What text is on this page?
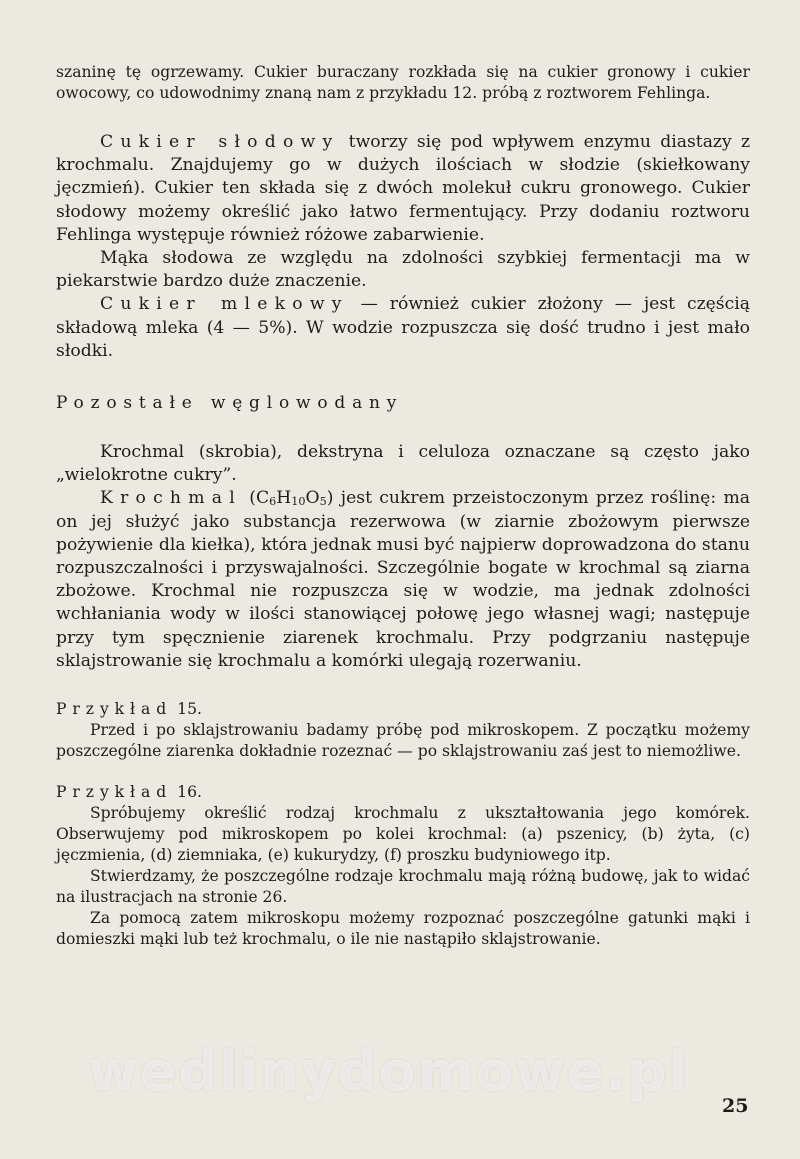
szaninę tę ogrzewamy. Cukier buraczany rozkłada się na cukier gronowy i cukier owocowy, co udowodnimy znaną nam z przykładu 12. próbą z roztworem Fehlinga.

Cukier słodowy tworzy się pod wpływem enzymu diastazy z krochmalu. Znajdujemy go w dużych ilościach w słodzie (skiełkowany jęczmień). Cukier ten składa się z dwóch molekuł cukru gronowego. Cukier słodowy możemy określić jako łatwo fermentujący. Przy dodaniu roztworu Fehlinga występuje również różowe zabarwienie.

Mąka słodowa ze względu na zdolności szybkiej fermentacji ma w piekarstwie bardzo duże znaczenie.

Cukier mlekowy — również cukier złożony — jest częścią składową mleka (4 — 5%). W wodzie rozpuszcza się dość trudno i jest mało słodki.

Pozostałe węglowodany

Krochmal (skrobia), dekstryna i celuloza oznaczane są często jako „wielokrotne cukry”.

Krochmal $(C_6H_{10}O_5)$ jest cukrem przeistoczonym przez roślinę: ma on jej służyć jako substancja rezerwowa (w ziarnie zbożowym pierwsze pożywienie dla kiełka), która jednak musi być najpierw doprowadzona do stanu rozpuszczalności i przyswajalności. Szczególnie bogate w krochmal są ziarna zbożowe. Krochmal nie rozpuszcza się w wodzie, ma jednak zdolności wchłaniania wody w ilości stanowiącej połowę jego własnej wagi; następuje przy tym spęcznienie ziarenek krochmalu. Przy podgrzaniu następuje sklajstrowanie się krochmalu a komórki ulegają rozerwaniu.

Przykład 15.

Przed i po sklajstrowaniu badamy próbę pod mikroskopem. Z początku możemy poszczególne ziarenka dokładnie rozeznać — po sklajstrowaniu zaś jest to niemożliwe.

Przykład 16.

Spróbujemy określić rodzaj krochmalu z ukształtowania jego komórek. Obserwujemy pod mikroskopem po kolei krochmal: (a) pszenicy, (b) żyta, (c) jęczmienia, (d) ziemniaka, (e) kukurydzy, (f) proszku budyniowego itp.

Stwierdzamy, że poszczególne rodzaje krochmalu mają różną budowę, jak to widać na ilustracjach na stronie 26.

Za pomocą zatem mikroskopu możemy rozpoznać poszczególne gatunki mąki i domieszki mąki lub też krochmalu, o ile nie nastąpiło sklajstrowanie.

wedlinydomowe.pl
25
